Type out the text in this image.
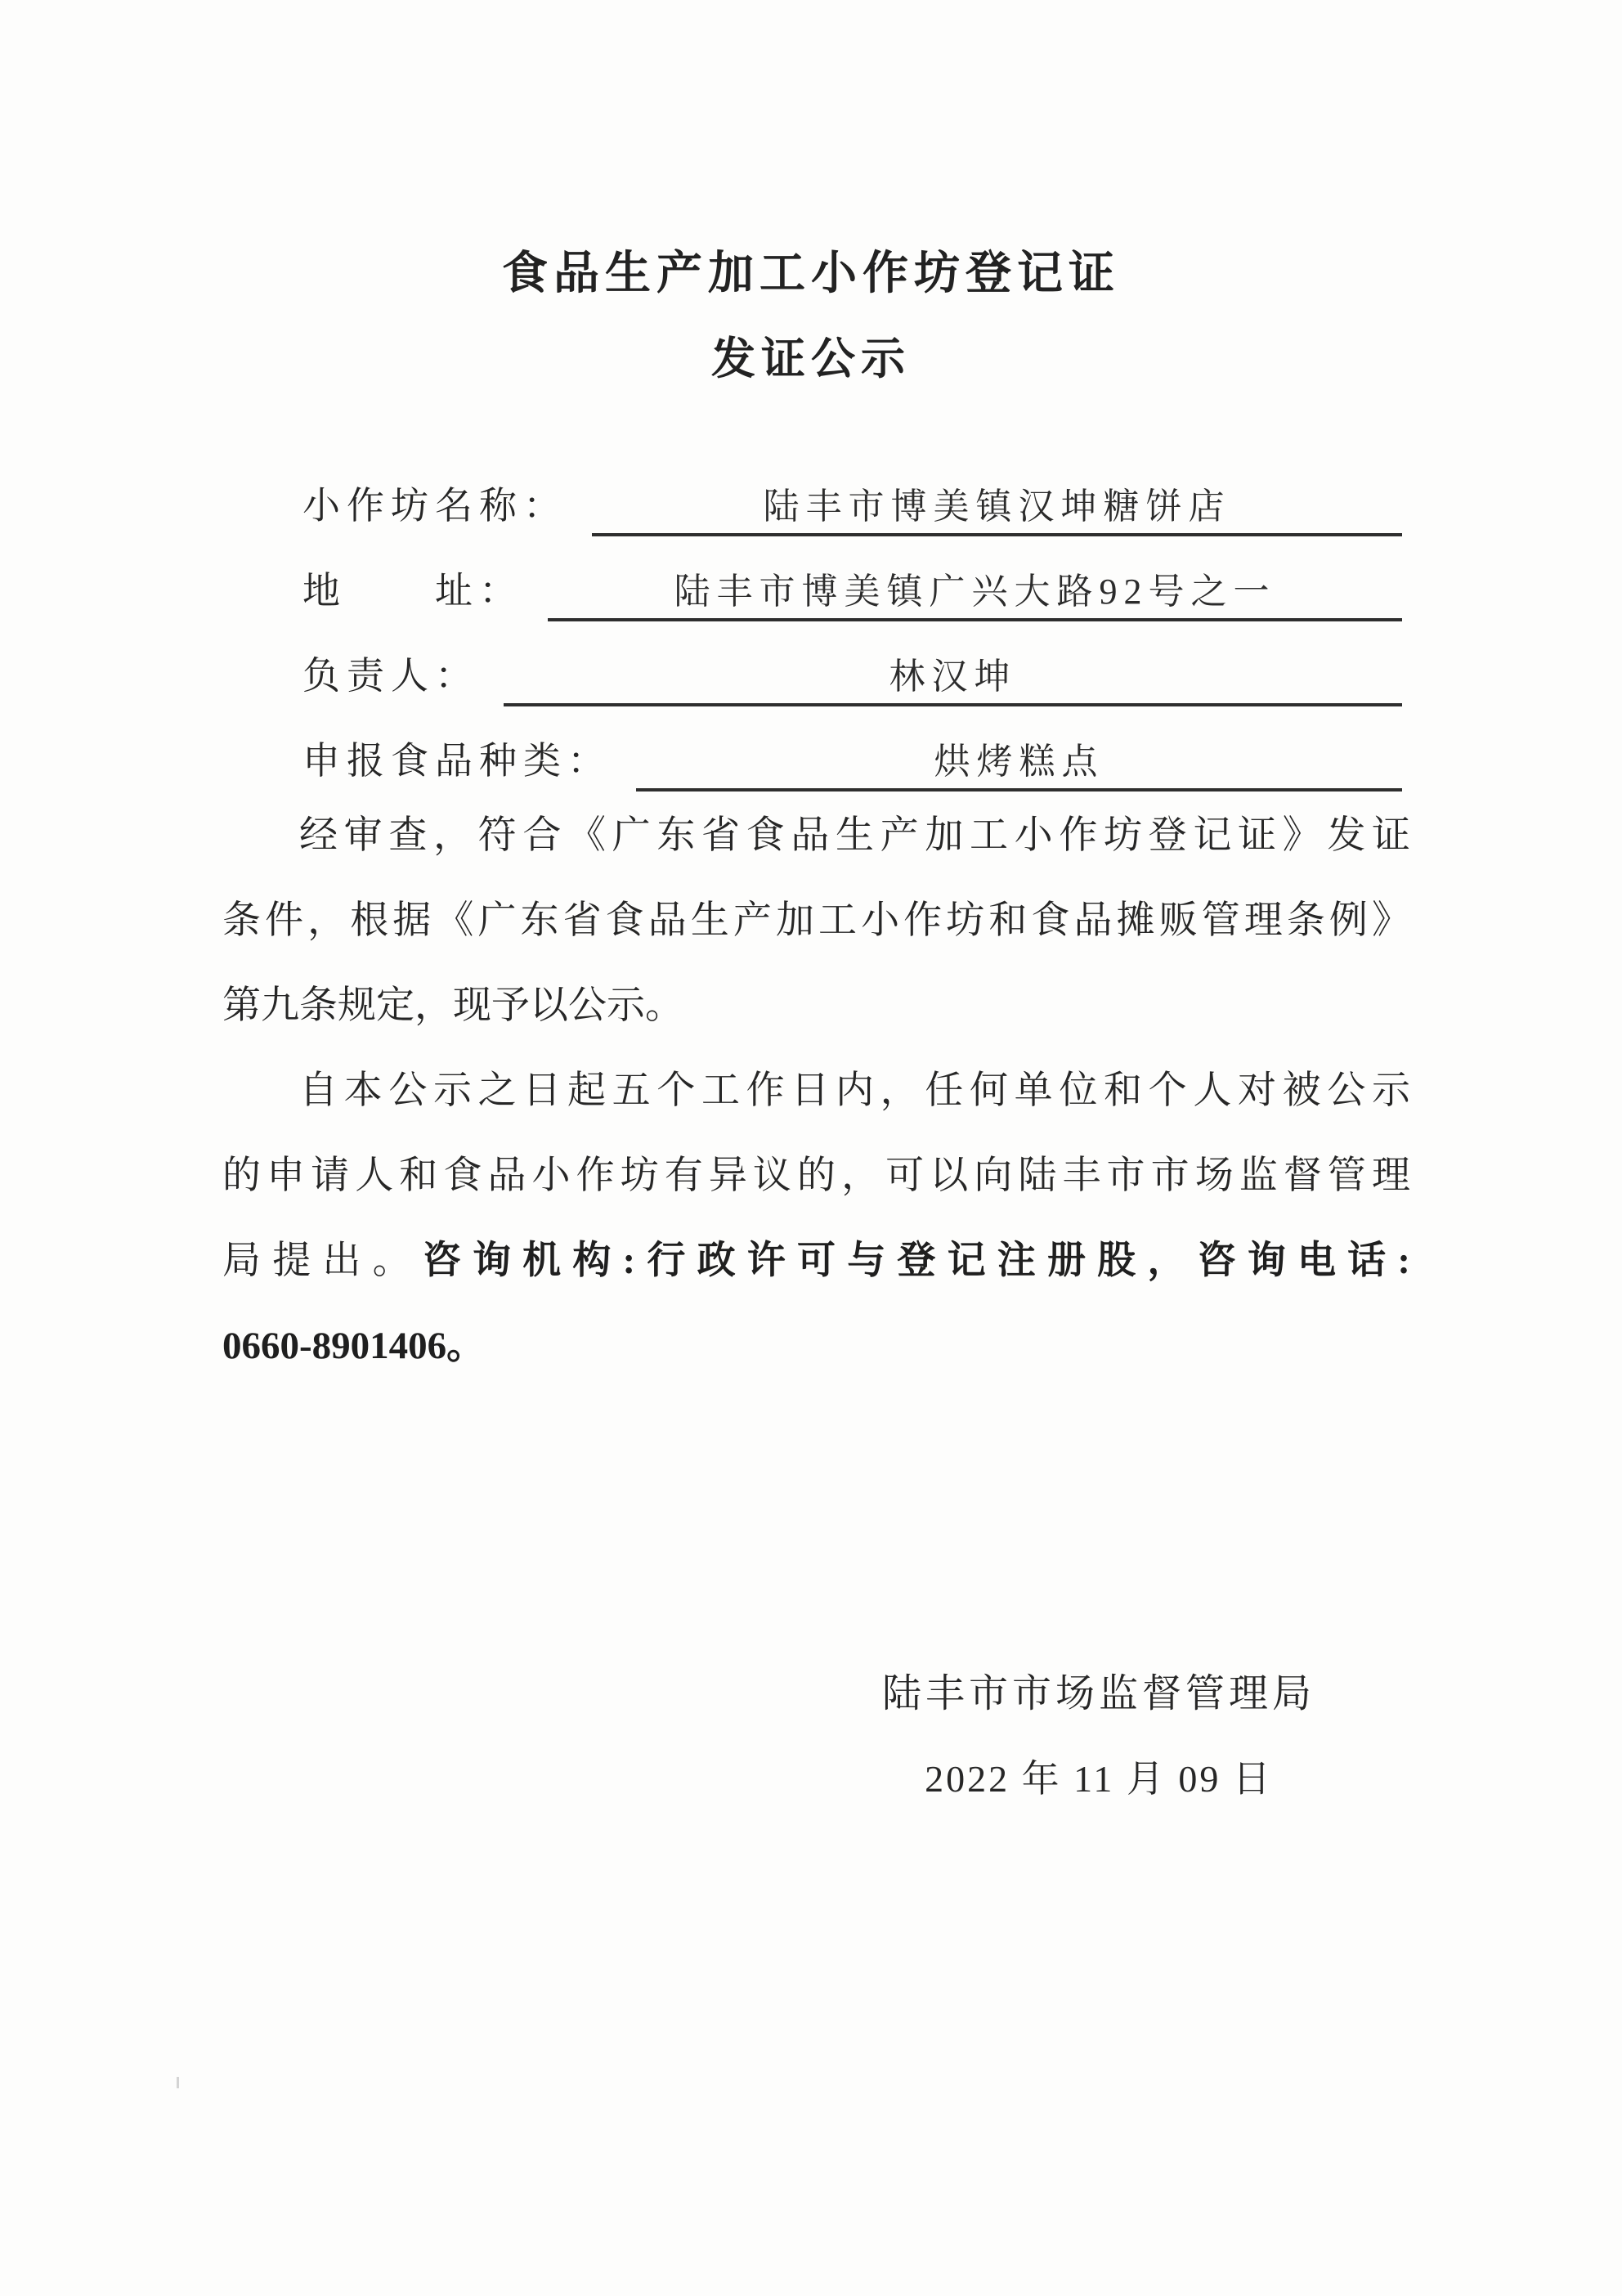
食品生产加工小作坊登记证
发证公示
小作坊名称：	陆丰市博美镇汉坤糖饼店
地　　址：	陆丰市博美镇广兴大路92号之一
负责人：	林汉坤
申报食品种类：	烘烤糕点
经审查，符合《广东省食品生产加工小作坊登记证》发证
条件，根据《广东省食品生产加工小作坊和食品摊贩管理条例》
第九条规定，现予以公示。
自本公示之日起五个工作日内，任何单位和个人对被公示
的申请人和食品小作坊有异议的，可以向陆丰市市场监督管理
局提出。咨询机构:行政许可与登记注册股，咨询电话:
0660-8901406。
陆丰市市场监督管理局
2022 年 11 月 09 日
